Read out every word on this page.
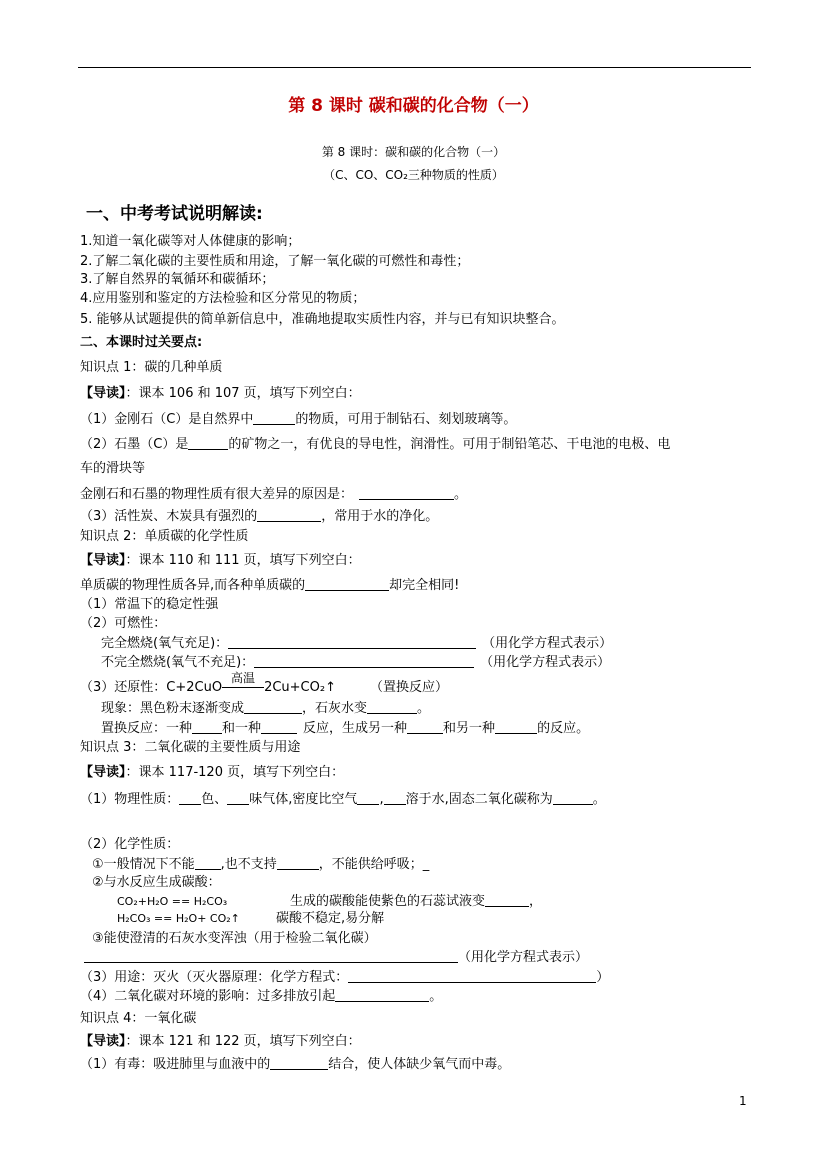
第 8 课时 碳和碳的化合物（一）
第 8 课时：碳和碳的化合物（一）
（C、CO、CO₂三种物质的性质）
一、中考考试说明解读:
1.知道一氧化碳等对人体健康的影响；
2.了解二氧化碳的主要性质和用途，了解一氧化碳的可燃性和毒性；
3.了解自然界的氧循环和碳循环；
4.应用鉴别和鉴定的方法检验和区分常见的物质；
5. 能够从试题提供的简单新信息中，准确地提取实质性内容，并与已有知识块整合。
二、本课时过关要点:
知识点 1：碳的几种单质
【导读】：课本 106 和 107 页，填写下列空白：
（1）金刚石（C）是自然界中	的物质，可用于制钻石、刻划玻璃等。
（2）石墨（C）是	的矿物之一，有优良的导电性，润滑性。可用于制铅笔芯、干电池的电极、电
车的滑块等
金刚石和石墨的物理性质有很大差异的原因是：	。
（3）活性炭、木炭具有强烈的	，常用于水的净化。
知识点 2：单质碳的化学性质
【导读】：课本 110 和 111 页，填写下列空白：
单质碳的物理性质各异,而各种单质碳的	却完全相同!
（1）常温下的稳定性强
（2）可燃性：
完全燃烧(氧气充足)：	（用化学方程式表示）
不完全燃烧(氧气不充足)：	（用化学方程式表示）
（3）还原性：C+2CuO
高温
2Cu+CO₂↑	（置换反应）
现象：黑色粉末逐渐变成	，石灰水变	。
置换反应：一种 和一种	反应，生成另一种	和另一种	的反应。
知识点 3：二氧化碳的主要性质与用途
【导读】：课本 117-120 页，填写下列空白：
（1）物理性质： 色、 味气体,密度比空气 , 溶于水,固态二氧化碳称为	。
（2）化学性质：
①一般情况下不能 ,也不支持	，不能供给呼吸；_
②与水反应生成碳酸：
CO₂+H₂O == H₂CO₃	生成的碳酸能使紫色的石蕊试液变	，
H₂CO₃ == H₂O+ CO₂↑	碳酸不稳定,易分解
③能使澄清的石灰水变浑浊（用于检验二氧化碳）
（用化学方程式表示）
（3）用途：灭火（灭火器原理：化学方程式：	）
（4）二氧化碳对环境的影响：过多排放引起	。
知识点 4：一氧化碳
【导读】：课本 121 和 122 页，填写下列空白：
（1）有毒：吸进肺里与血液中的	结合，使人体缺少氧气而中毒。
1
